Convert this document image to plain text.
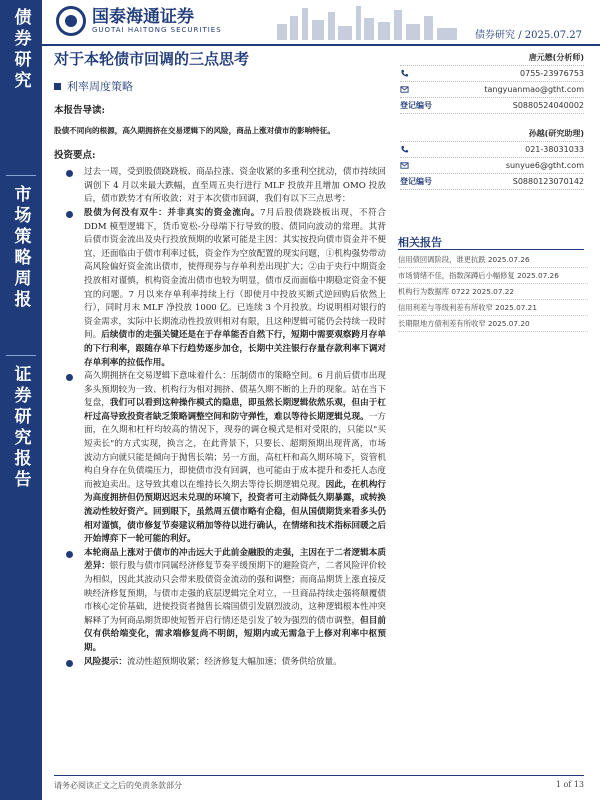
债券研究
市场策略周报
证券研究报告
国泰海通证券
GUOTAI HAITONG SECURITIES	债券研究 / 2025.07.27
对于本轮债市回调的三点思考
利率周度策略
唐元懋(分析师)
0755-23976753
tangyuanmao@gtht.com
登记编号	S0880524040002
孙越(研究助理)
021-38031033
sunyue6@gtht.com
登记编号	S0880123070142
相关报告
信用债回调阶段，谁更抗跌 2025.07.26
市场情绪不佳，指数深蹲后小幅修复 2025.07.26
机构行为数据库 0722 2025.07.22
信用利差与等级利差有所收窄 2025.07.21
长期限地方债利差有所收窄 2025.07.20
本报告导读:
股债不同向的根源，高久期拥挤在交易逻辑下的风险，商品上涨对债市的影响特征。
投资要点:

过去一周，受到股债跷跷板、商品拉涨、资金收紧的多重利空扰动，债市持续回调创下 4 月以来最大跌幅，直至周五央行进行 MLF 投放并且增加 OMO 投放后，债市跌势才有所收敛；对于本次债市回调，我们有以下三点思考：

股债为何没有双牛：并非真实的资金流向。7月后股债跷跷板出现，不符合 DDM 模型逻辑下，货币宽松-分母端下行导致的股、债同向波动的常理。其背后债市资金流出及央行投放预期的收紧可能是主因：其实按投向债市资金并不便宜，还面临由于债市利率过低，资金作为空放配置的现实问题，①机构强势带动高风险偏好资金流出债市，使得现券与存单利差出现扩大；②由于央行中期资金投放相对谨慎，机构资金流出债市也较为明显，债市反而面临中期稳定资金不便宜的问题。7 月以来存单利率持续上行（即使月中投放买断式逆回购后依然上行），同时月末 MLF 净投放 1000 亿。已连续 3 个月投放。均说明相对银行的资金需求，实际中长期流动性投放则相对有限，且这种逻辑可能仍会持续一段时间。后续债市的走强关键还是在于存单能否自然下行，短期中需要观察跨月存单的下行利率，跟随存单下行趋势逐步加仓，长期中关注银行存量存款利率下调对存单利率的拉低作用。

高久期拥挤在交易逻辑下意味着什么：压制债市的策略空间。6 月前后债市出现多头预期较为一致、机构行为相对拥挤、债基久期不断的上升的现象。站在当下复盘，我们可以看到这种操作模式的隐患，即虽然长期逻辑依然乐观，但由于杠杆过高导致投资者缺乏策略调整空间和防守弹性，难以等待长期逻辑兑现。一方面，在久期和杠杆均较高的情况下，现券的调仓模式是相对受限的，只能以"买短卖长"的方式实现，换言之，在此背景下，只要长、超期预期出现背离，市场波动方向就只能是倾向于抛售长端；另一方面，高杠杆和高久期环境下，资管机构自身存在负债端压力，即使债市没有回调，也可能由于成本提升和委托人态度而被迫卖出。这导致其难以在维持长久期去等待长期逻辑兑现。因此，在机构行为高度拥挤但仍预期迟迟未兑现的环境下，投资者可主动降低久期暴露，或转换流动性较好资产。回到眼下，虽然周五债市略有企稳，但从国债期货来看多头仍相对谨慎，债市修复节奏建议稍加等待以进行确认，在情绪和技术指标回暖之后开始博弈下一轮可能的利好。

本轮商品上涨对于债市的冲击远大于此前金融股的走强，主因在于二者逻辑本质差异：银行股与债市同属经济修复节奏平缓预期下的避险资产，二者风险评价较为相似，因此其波动只会带来股债资金流动的强和调整；而商品期货上涨直接反映经济修复预期，与债市走强的底层逻辑完全对立，一旦商品持续走强将颠覆债市核心定价基础，进使投资者抛售长端国债引发剧烈波动，这种逻辑根本性冲突解释了为何商品期货即使短暂开启行情还是引发了较为强烈的债市调整，但目前仅有供给端变化，需求端修复尚不明朗，短期内或无需急于上修对利率中枢预期。

风险提示：流动性超预期收紧；经济修复大幅加速；债务供给放量。

请务必阅读正文之后的免责条款部分	1 of 13
